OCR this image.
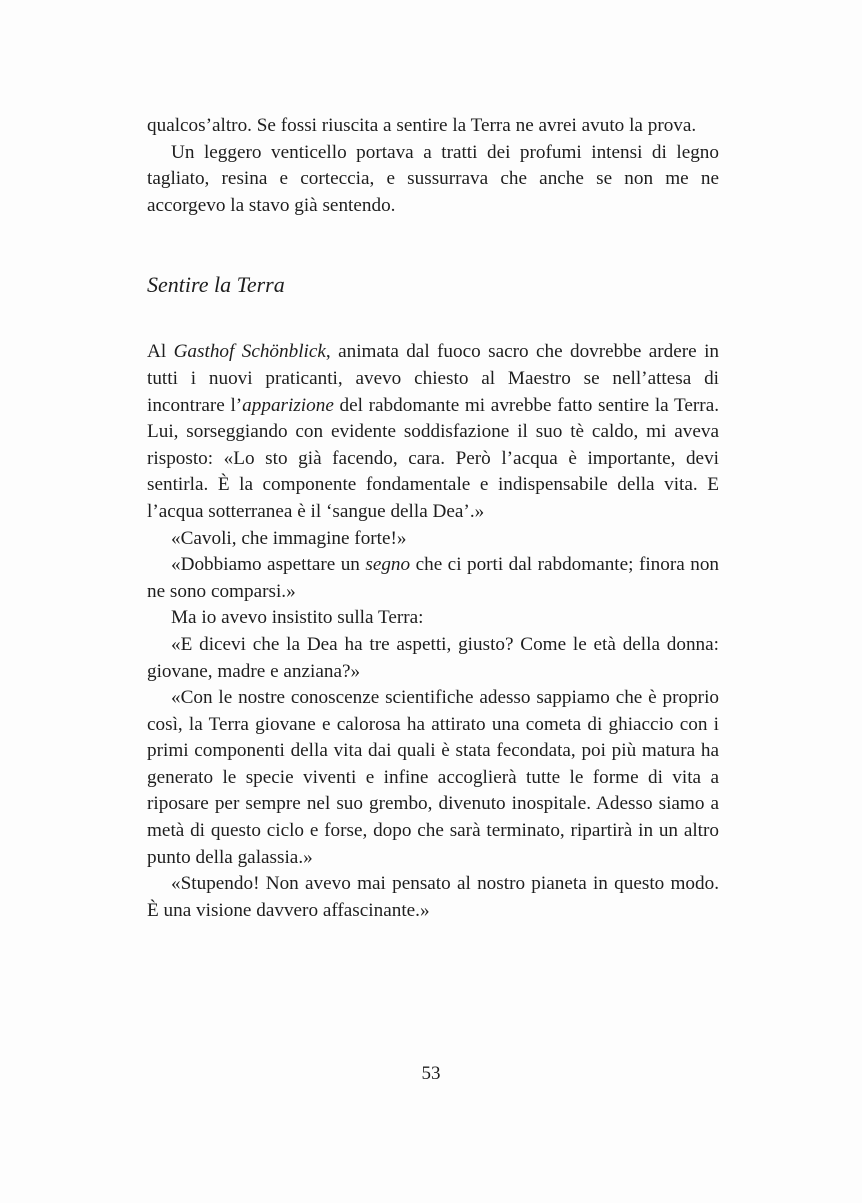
qualcos’altro. Se fossi riuscita a sentire la Terra ne avrei avuto la prova.

Un leggero venticello portava a tratti dei profumi intensi di legno tagliato, resina e corteccia, e sussurrava che anche se non me ne accorgevo la stavo già sentendo.

Sentire la Terra

Al Gasthof Schönblick, animata dal fuoco sacro che dovrebbe ardere in tutti i nuovi praticanti, avevo chiesto al Maestro se nell’attesa di incontrare l’apparizione del rabdomante mi avrebbe fatto sentire la Terra. Lui, sorseggiando con evidente soddisfazione il suo tè caldo, mi aveva risposto: «Lo sto già facendo, cara. Però l’acqua è importante, devi sentirla. È la componente fondamentale e indispensabile della vita. E l’acqua sotterranea è il ‘sangue della Dea’.»

«Cavoli, che immagine forte!»

«Dobbiamo aspettare un segno che ci porti dal rabdomante; finora non ne sono comparsi.»

Ma io avevo insistito sulla Terra:

«E dicevi che la Dea ha tre aspetti, giusto? Come le età della donna: giovane, madre e anziana?»

«Con le nostre conoscenze scientifiche adesso sappiamo che è proprio così, la Terra giovane e calorosa ha attirato una cometa di ghiaccio con i primi componenti della vita dai quali è stata fecondata, poi più matura ha generato le specie viventi e infine accoglierà tutte le forme di vita a riposare per sempre nel suo grembo, divenuto inospitale. Adesso siamo a metà di questo ciclo e forse, dopo che sarà terminato, ripartirà in un altro punto della galassia.»

«Stupendo! Non avevo mai pensato al nostro pianeta in questo modo. È una visione davvero affascinante.»

53
